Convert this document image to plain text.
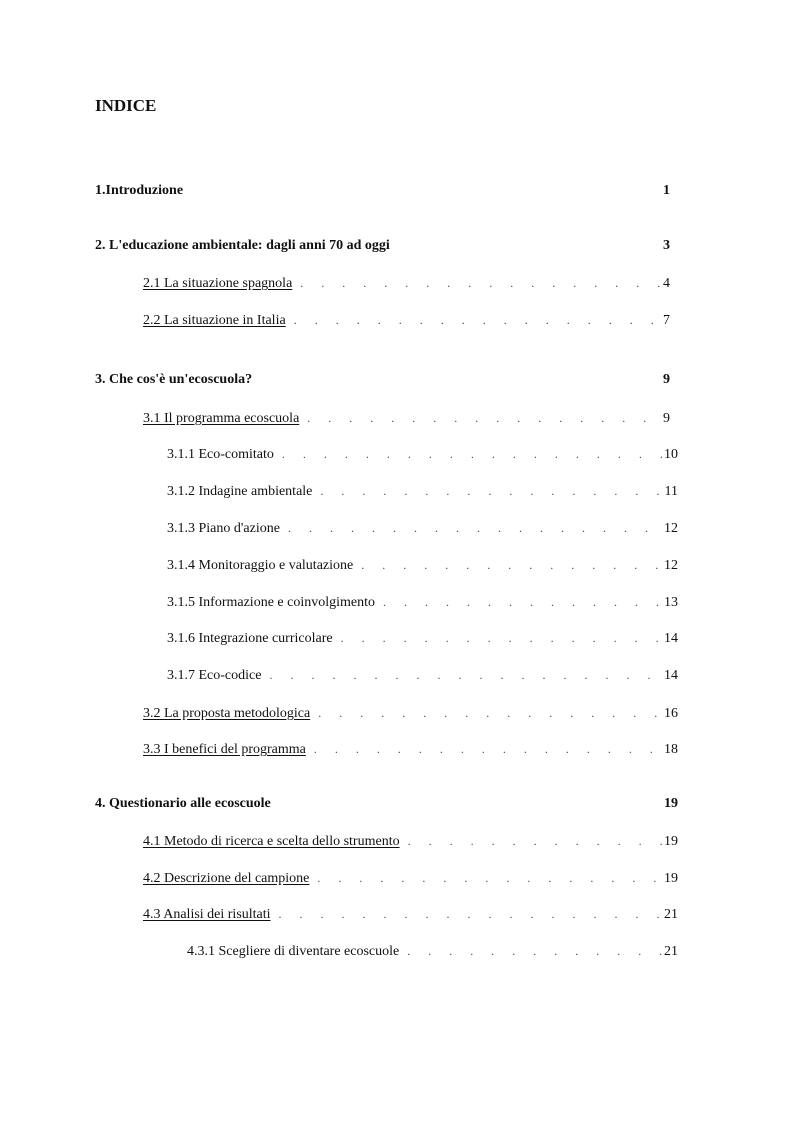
INDICE
1.Introduzione	1
2. L'educazione ambientale: dagli anni 70 ad oggi	3
2.1 La situazione spagnola . . .	4
2.2 La situazione in Italia . . .	7
3. Che cos'è un'ecoscuola?	9
3.1 Il programma ecoscuola . . .	9
3.1.1 Eco-comitato . . .	10
3.1.2 Indagine ambientale . . .	11
3.1.3 Piano d'azione . . .	12
3.1.4 Monitoraggio e valutazione . . .	12
3.1.5 Informazione e coinvolgimento . . .	13
3.1.6 Integrazione curricolare . . .	14
3.1.7 Eco-codice . . .	14
3.2 La proposta metodologica . . .	16
3.3 I benefici del programma . . .	18
4. Questionario alle ecoscuole	19
4.1 Metodo di ricerca e scelta dello strumento . . .	19
4.2 Descrizione del campione . . .	19
4.3 Analisi dei risultati . . .	21
4.3.1 Scegliere di diventare ecoscuole . . .	21
